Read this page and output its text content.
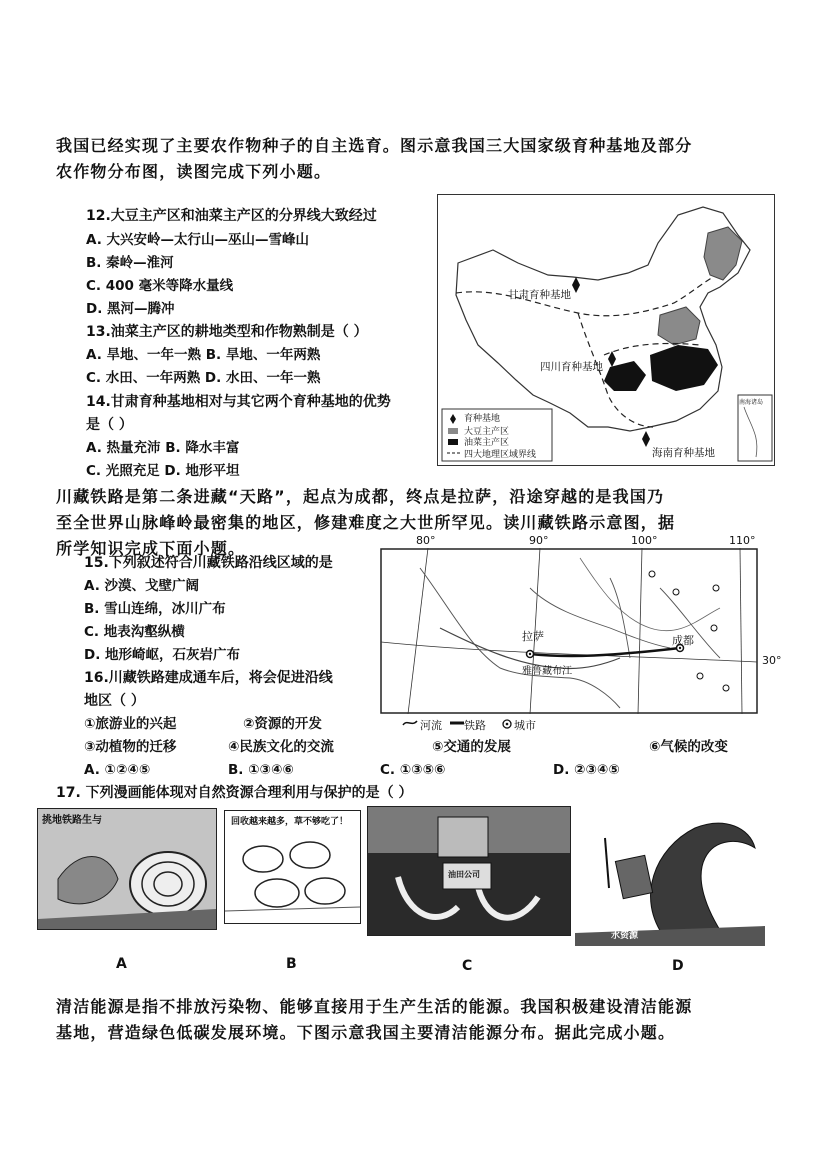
我国已经实现了主要农作物种子的自主选育。图示意我国三大国家级育种基地及部分
农作物分布图，读图完成下列小题。
12.大豆主产区和油菜主产区的分界线大致经过
A. 大兴安岭—太行山—巫山—雪峰山
B. 秦岭—淮河
C. 400 毫米等降水量线
D. 黑河—腾冲
13.油菜主产区的耕地类型和作物熟制是（ ）
A. 旱地、一年一熟 B. 旱地、一年两熟
C. 水田、一年两熟 D. 水田、一年一熟
14.甘肃育种基地相对与其它两个育种基地的优势
是（ ）
A. 热量充沛 B. 降水丰富
C. 光照充足 D. 地形平坦
甘肃育种基地
四川育种基地
海南育种基地
育种基地
大豆主产区
油菜主产区
四大地理区域界线
南海诸岛
川藏铁路是第二条进藏“天路”，起点为成都，终点是拉萨，沿途穿越的是我国乃
至全世界山脉峰岭最密集的地区，修建难度之大世所罕见。读川藏铁路示意图，据
所学知识完成下面小题。
15.下列叙述符合川藏铁路沿线区域的是
A. 沙漠、戈壁广阔
B. 雪山连绵，冰川广布
C. 地表沟壑纵横
D. 地形崎岖，石灰岩广布
16.川藏铁路建成通车后，将会促进沿线
地区（ ）
①旅游业的兴起	②资源的开发
③动植物的迁移	④民族文化的交流	⑤交通的发展	⑥气候的改变
A. ①②④⑤	B. ①③④⑥	C. ①③⑤⑥	D. ②③④⑤
80°	90°	100°	110°
拉萨	成都
30°
雅鲁藏布江
河流 铁路	城市
17. 下列漫画能体现对自然资源合理利用与保护的是（ ）
挑地铁路生与
A
回收越来越多，草不够吃了！
B
油田公司
C
水资源
D
清洁能源是指不排放污染物、能够直接用于生产生活的能源。我国积极建设清洁能源
基地，营造绿色低碳发展环境。下图示意我国主要清洁能源分布。据此完成小题。
